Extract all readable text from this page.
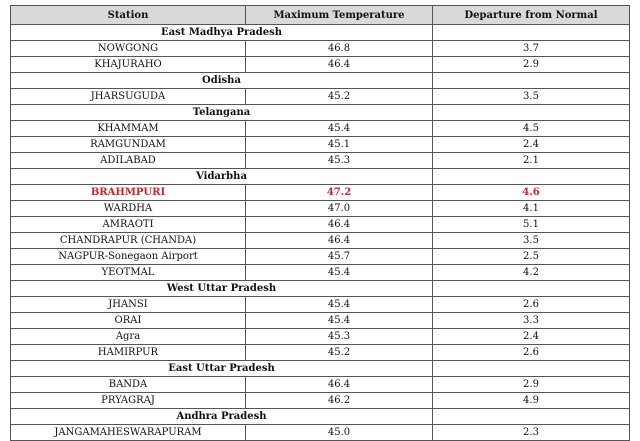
Station	Maximum Temperature	Departure from Normal
East Madhya Pradesh		
NOWGONG	46.8	3.7
KHAJURAHO	46.4	2.9
Odisha		
JHARSUGUDA	45.2	3.5
Telangana		
KHAMMAM	45.4	4.5
RAMGUNDAM	45.1	2.4
ADILABAD	45.3	2.1
Vidarbha		
BRAHMPURI	47.2	4.6
WARDHA	47.0	4.1
AMRAOTI	46.4	5.1
CHANDRAPUR (CHANDA)	46.4	3.5
NAGPUR-Sonegaon Airport	45.7	2.5
YEOTMAL	45.4	4.2
West Uttar Pradesh		
JHANSI	45.4	2.6
ORAI	45.4	3.3
Agra	45.3	2.4
HAMIRPUR	45.2	2.6
East Uttar Pradesh		
BANDA	46.4	2.9
PRYAGRAJ	46.2	4.9
Andhra Pradesh		
JANGAMAHESWARAPURAM	45.0	2.3
